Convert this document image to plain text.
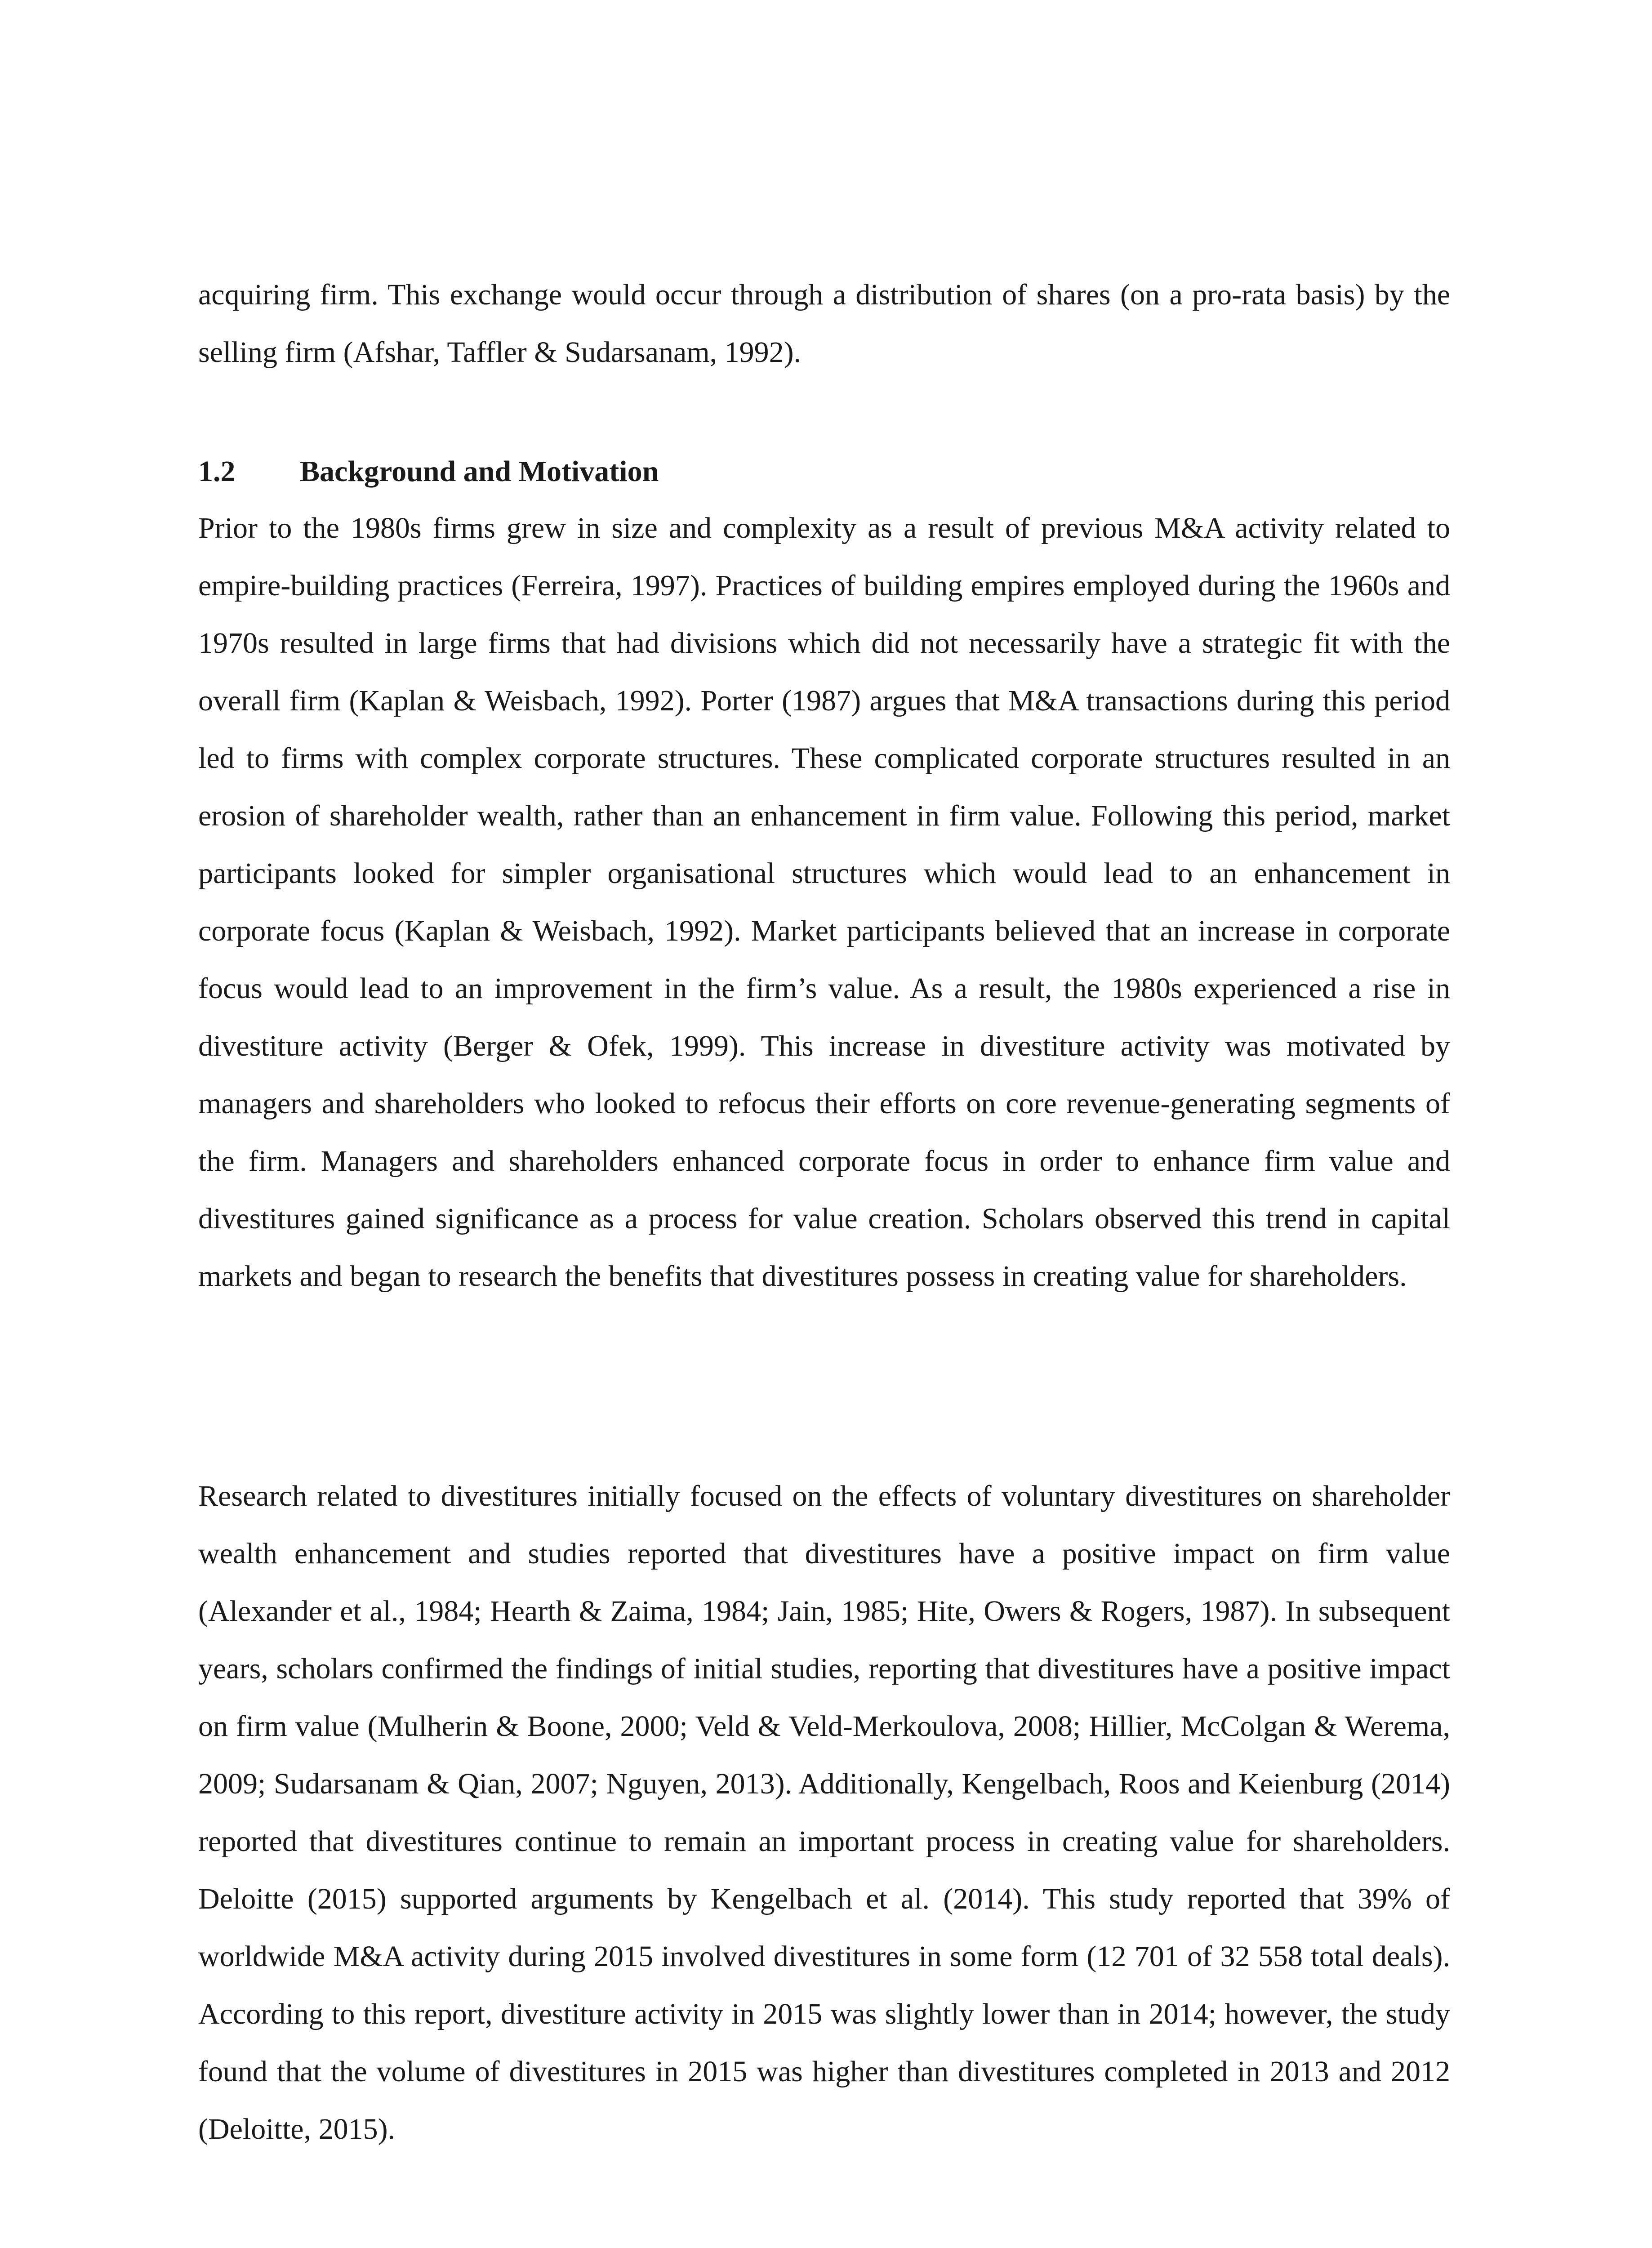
acquiring firm. This exchange would occur through a distribution of shares (on a pro-rata basis) by the selling firm (Afshar, Taffler & Sudarsanam, 1992).

1.2 Background and Motivation

Prior to the 1980s firms grew in size and complexity as a result of previous M&A activity related to empire-building practices (Ferreira, 1997). Practices of building empires employed during the 1960s and 1970s resulted in large firms that had divisions which did not necessarily have a strategic fit with the overall firm (Kaplan & Weisbach, 1992). Porter (1987) argues that M&A transactions during this period led to firms with complex corporate structures. These complicated corporate structures resulted in an erosion of shareholder wealth, rather than an enhancement in firm value. Following this period, market participants looked for simpler organisational structures which would lead to an enhancement in corporate focus (Kaplan & Weisbach, 1992). Market participants believed that an increase in corporate focus would lead to an improvement in the firm’s value. As a result, the 1980s experienced a rise in divestiture activity (Berger & Ofek, 1999). This increase in divestiture activity was motivated by managers and shareholders who looked to refocus their efforts on core revenue-generating segments of the firm. Managers and shareholders enhanced corporate focus in order to enhance firm value and divestitures gained significance as a process for value creation. Scholars observed this trend in capital markets and began to research the benefits that divestitures possess in creating value for shareholders.

Research related to divestitures initially focused on the effects of voluntary divestitures on shareholder wealth enhancement and studies reported that divestitures have a positive impact on firm value (Alexander et al., 1984; Hearth & Zaima, 1984; Jain, 1985; Hite, Owers & Rogers, 1987). In subsequent years, scholars confirmed the findings of initial studies, reporting that divestitures have a positive impact on firm value (Mulherin & Boone, 2000; Veld & Veld-Merkoulova, 2008; Hillier, McColgan & Werema, 2009; Sudarsanam & Qian, 2007; Nguyen, 2013). Additionally, Kengelbach, Roos and Keienburg (2014) reported that divestitures continue to remain an important process in creating value for shareholders. Deloitte (2015) supported arguments by Kengelbach et al. (2014). This study reported that 39% of worldwide M&A activity during 2015 involved divestitures in some form (12 701 of 32 558 total deals). According to this report, divestiture activity in 2015 was slightly lower than in 2014; however, the study found that the volume of divestitures in 2015 was higher than divestitures completed in 2013 and 2012 (Deloitte, 2015).
